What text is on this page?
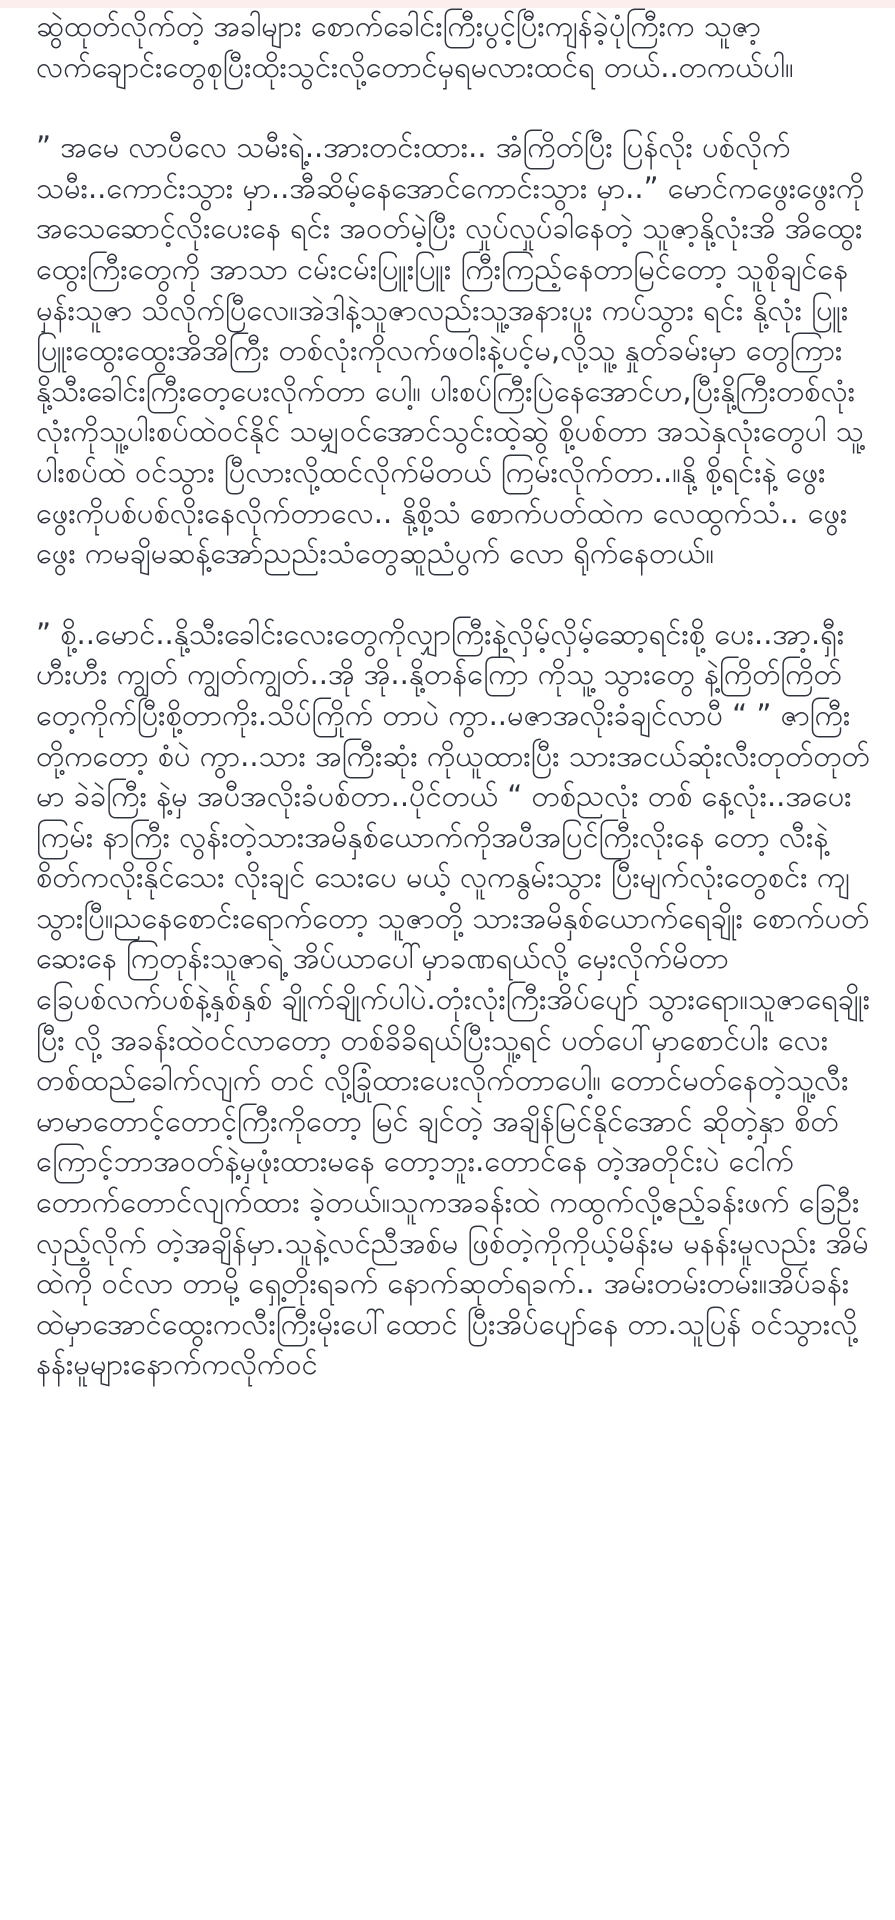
ဆွဲထုတ်လိုက်တဲ့ အခါများ စောက်ခေါင်းကြီးပွင့်ပြီးကျန်ခဲ့ပုံကြီးက သူဇာ့လက်ချောင်းတွေစုပြီးထိုးသွင်းလို့တောင်မှရမလားထင်ရ တယ်..တကယ်ပါ။

” အမေ လာပီလေ သမီးရဲ့..အားတင်းထား.. အံကြိတ်ပြီး ပြန်လိုး ပစ်လိုက်သမီး..ကောင်းသွား မှာ..အီဆိမ့်နေအောင်ကောင်းသွား မှာ..” မောင်ကဖွေးဖွေးကိုအသေဆောင့်လိုးပေးနေ ရင်း အဝတ်မဲ့ပြီး လှုပ်လှုပ်ခါနေတဲ့ သူဇာ့နို့လုံးအိ အိထွေးထွေးကြီးတွေကို အာသာ ငမ်းငမ်းပြူးပြူး ကြီးကြည့်နေတာမြင်တော့ သူစိုချင်နေမှန်းသူဇာ သိလိုက်ပြီလေ။အဲဒါနဲ့သူဇာလည်းသူ့အနားပူး ကပ်သွား ရင်း နို့လုံး ပြူးပြူးထွေးထွေးအိအိကြီး တစ်လုံးကိုလက်ဖဝါးနဲ့ပင့်မ,လို့သူ့ နှုတ်ခမ်းမှာ တွေကြားနို့သီးခေါင်းကြီးတေ့ပေးလိုက်တာ ပေါ့။ ပါးစပ်ကြီးပြဲနေအောင်ဟ,ပြီးနို့ကြီးတစ်လုံးလုံးကိုသူ့ပါးစပ်ထဲဝင်နိုင် သမျှဝင်အောင်သွင်းထဲ့ဆွဲ စို့ပစ်တာ အသဲနှလုံးတွေပါ သူ့ပါးစပ်ထဲ ဝင်သွား ပြီလားလို့ထင်လိုက်မိတယ် ကြမ်းလိုက်တာ..။နို့ စို့ရင်းနဲ့ ဖွေး ဖွေးကိုပစ်ပစ်လိုးနေလိုက်တာလေ.. နို့စို့သံ စောက်ပတ်ထဲက လေထွက်သံ.. ဖွေးဖွေး ကမချိမဆန့်အော်ညည်းသံတွေဆူညံပွက် လော ရိုက်နေတယ်။

” စို့..မောင်..နို့သီးခေါင်းလေးတွေကိုလျှာကြီးနဲ့လှိမ့်လှိမ့်ဆော့ရင်းစို့ ပေး..အာ့.ရှီးဟီးဟီး ကျွတ် ကျွတ်ကျွတ်..အို အို..နို့တန်ကြော ကိုသူ့ သွားတွေ နဲ့ကြိတ်ကြိတ်တေ့ကိုက်ပြီးစို့တာကိုး.သိပ်ကြိုက် တာပဲ ကွာ..မဇာအလိုးခံချင်လာပီ “ ” ဇာကြီးတို့ကတော့ စံပဲ ကွာ..သား အကြီးဆုံး ကိုယူထားပြီး သားအငယ်ဆုံးလီးတုတ်တုတ်မာ ခဲခဲကြီး နဲ့မှ အပီအလိုးခံပစ်တာ..ပိုင်တယ် “ တစ်ညလုံး တစ် နေ့လုံး..အပေး ကြမ်း နာကြီး လွန်းတဲ့သားအမိနှစ်ယောက်ကိုအပီအပြင်ကြီးလိုးနေ တော့ လီးနဲ့စိတ်ကလိုးနိုင်သေး လိုးချင် သေးပေ မယ့် လူကနွမ်းသွား ပြီးမျက်လုံးတွေစင်း ကျသွားပြီ။ညနေစောင်းရောက်တော့ သူဇာတို့ သားအမိနှစ်ယောက်ရေချိုး စောက်ပတ် ဆေးနေ ကြတုန်းသူဇာရဲ့ အိပ်ယာပေါ်မှာခဏရယ်လို့ မှေးလိုက်မိတာခြေပစ်လက်ပစ်နဲ့နှစ်နှစ် ချိုက်ချိုက်ပါပဲ.တုံးလုံးကြီးအိပ်ပျော် သွားရော။သူဇာရေချိုးပြီး လို့ အခန်းထဲဝင်လာတော့ တစ်ခိခိရယ်ပြီးသူ့ရင် ပတ်ပေါ်မှာစောင်ပါး လေးတစ်ထည်ခေါက်လျက် တင် လို့ခြုံထားပေးလိုက်တာပေါ့။ တောင်မတ်နေတဲ့သူ့လီးမာမာတောင့်တောင့်ကြီးကိုတော့ မြင် ချင်တဲ့ အချိန်မြင်နိုင်အောင် ဆိုတဲ့နှာ စိတ်ကြောင့်ဘာအဝတ်နဲ့မှဖုံးထားမနေ တော့ဘူး.တောင်နေ တဲ့အတိုင်းပဲ ငေါက်တောက်တောင်လျက်ထား ခဲ့တယ်။သူကအခန်းထဲ ကထွက်လို့ဧည့်ခန်းဖက် ခြေဦးလှည့်လိုက် တဲ့အချိန်မှာ.သူနဲ့လင်ညီအစ်မ ဖြစ်တဲ့ကိုကိုယ့်မိန်းမ မနန်းမူလည်း အိမ်ထဲကို ဝင်လာ တာမို့ ရှေ့တိုးရခက် နောက်ဆုတ်ရခက်.. အမ်းတမ်းတမ်း။အိပ်ခန်းထဲမှာအောင်ထွေးကလီးကြီးမိုးပေါ်ထောင် ပြီးအိပ်ပျော်နေ တာ.သူပြန် ဝင်သွားလို့ နန်းမူများနောက်ကလိုက်ဝင်
